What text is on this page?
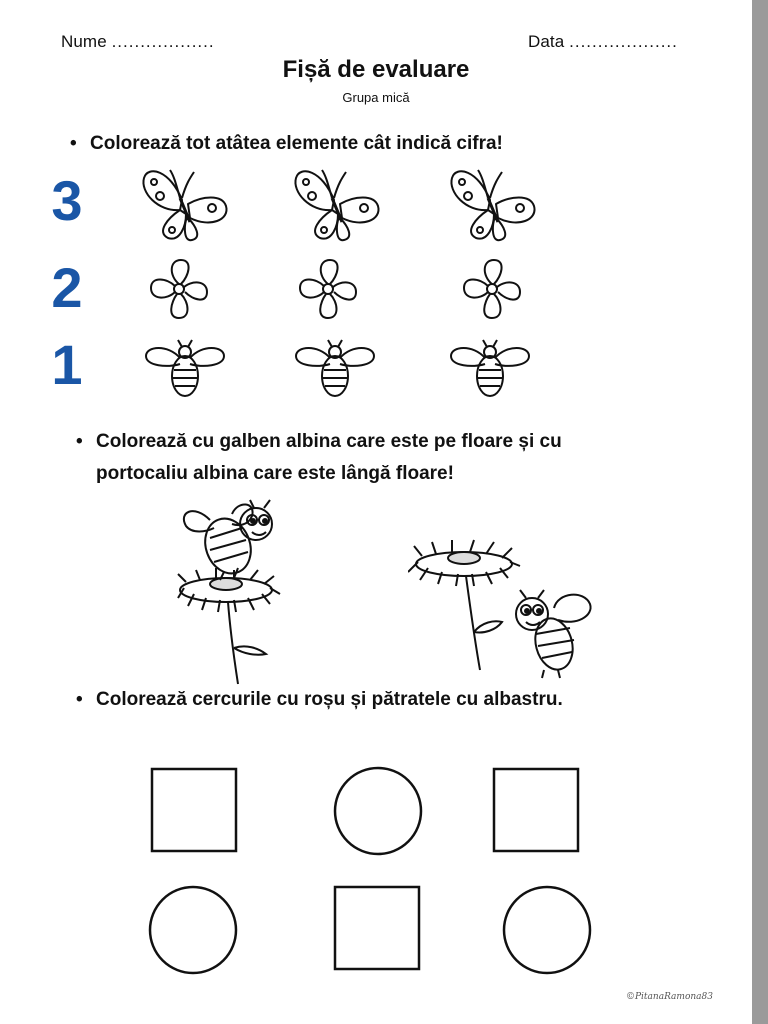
Nume ..................	Data ...................
Fișă de evaluare
Grupa mică
• Colorează tot atâtea elemente cât indică cifra!
3
2
1
• Colorează cu galben albina care este pe floare și cu
portocaliu albina care este lângă floare!
• Colorează cercurile cu roșu și pătratele cu albastru.
©PitanaRamona83
